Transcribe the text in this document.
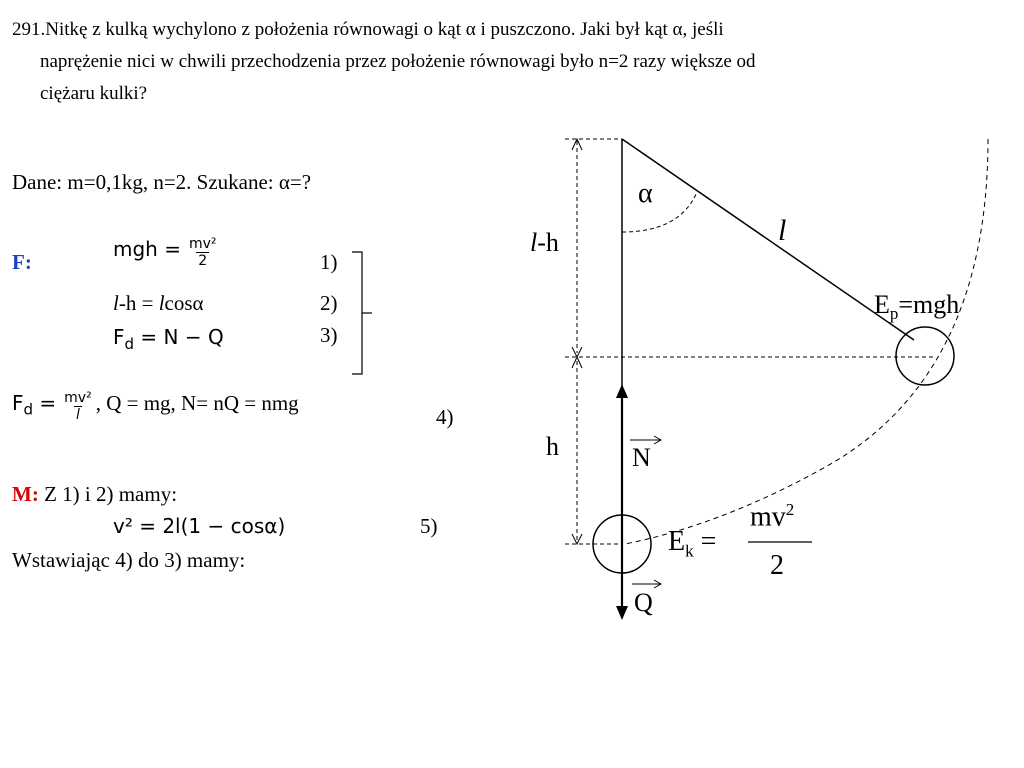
291.Nitkę z kulką wychylono z położenia równowagi o kąt α i puszczono. Jaki był kąt α, jeśli
naprężenie nici w chwili przechodzenia przez położenie równowagi było n=2 razy większe od
ciężaru kulki?
Dane: m=0,1kg, n=2. Szukane: α=?
F:
mgh = $\frac{\text{mv²}}{2}$	1)
l-h = lcosα	2)
$F_d = N - Q$	3)
$F_d = \frac{\text{mv²}}{l}$ , Q = mg, N= nQ = nmg
4)
M: Z 1) i 2) mamy:
v² = 2l(1 − cosα)	5)
Wstawiając 4) do 3) mamy:
α
l
l-h
h
$E_p=mgh$
N
Q
$E_k$ =
$mv^2$
2
